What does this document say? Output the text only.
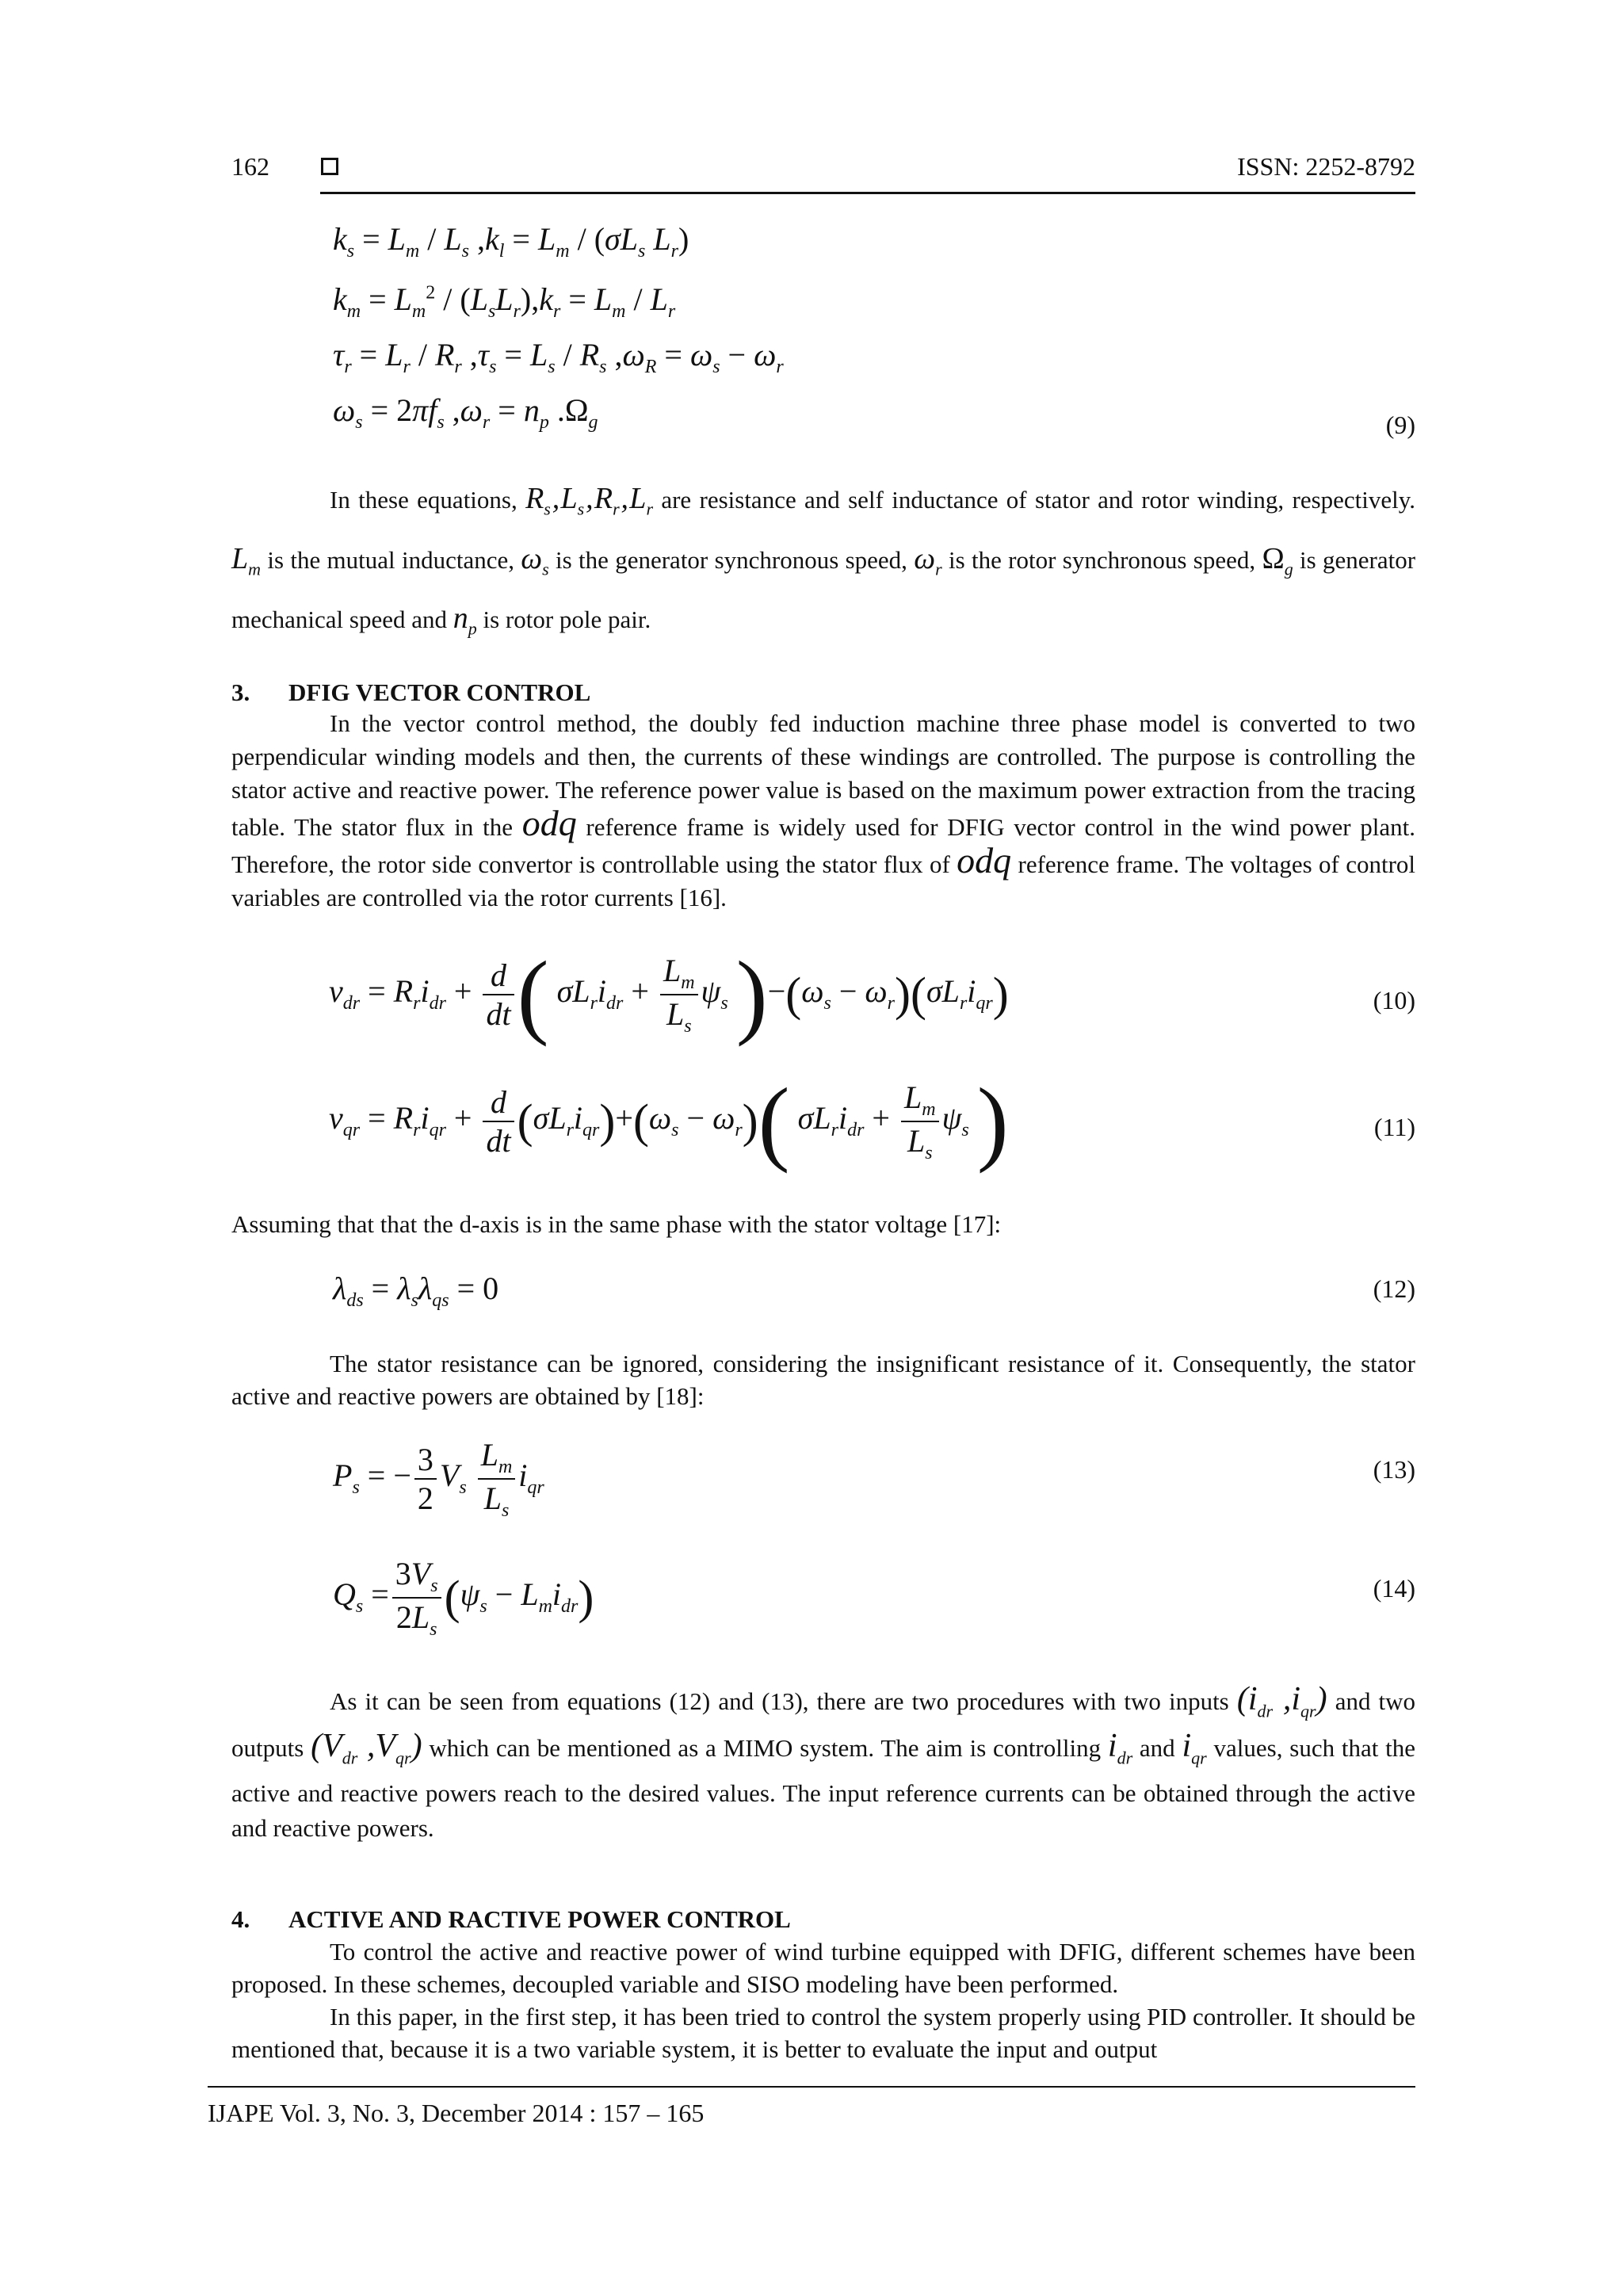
162	ISSN: 2252-8792
$k_s = L_m / L_s$ $,k_l = L_m / (\sigma L_s$ $L_r$)
$k_m = L_m^2 / (L_sL_r),k_r = L_m / L_r$
$\tau_r = L_r / R_r$ $,\tau_s = L_s / R_s$ $,\omega_R = \omega_s - \omega_r$
$\omega_s = 2\pi f_s$ $,\omega_r = n_p$ $.\Omega_g$	(9)

In these equations, $R_s‚L_s‚R_r‚L_r$ are resistance and self inductance of stator and rotor winding, respectively. $L_m$ is the mutual inductance, $\omega_s$ is the generator synchronous speed, $\omega_r$ is the rotor synchronous speed, $\Omega_g$ is generator mechanical speed and $n_p$ is rotor pole pair.

3. DFIG VECTOR CONTROL

In the vector control method, the doubly fed induction machine three phase model is converted to two perpendicular winding models and then, the currents of these windings are controlled. The purpose is controlling the stator active and reactive power. The reference power value is based on the maximum power extraction from the tracing table. The stator flux in the odq reference frame is widely used for DFIG vector control in the wind power plant. Therefore, the rotor side convertor is controllable using the stator flux of odq reference frame. The voltages of control variables are controlled via the rotor currents [16].

$v_{dr} = R_ri_{dr} + \frac{d}{dt}$ ( $\sigma L_ri_{dr} + \frac{L_m}{L_s} \psi_s$ )$-(\omega_s - \omega_r)(\sigma L_ri_{qr})$	(10)
$v_{qr} = R_ri_{qr} + \frac{d}{dt} (\sigma L_ri_{qr})+(\omega_s - \omega_r)$( $\sigma L_ri_{dr} + \frac{L_m}{L_s} \psi_s$ )	(11)

Assuming that that the d-axis is in the same phase with the stator voltage [17]:

$\lambda_{ds} = \lambda_s\lambda_{qs} = 0$	(12)

The stator resistance can be ignored, considering the insignificant resistance of it. Consequently, the stator active and reactive powers are obtained by [18]:

$P_s$ = − $\frac{3}{2} V_s \frac{L_m}{L_s} i_{qr}$
(13)
$Q_s = \frac{3V_s}{2L_s} (\psi_s - L_mi_{dr})$	(14)

As it can be seen from equations (12) and (13), there are two procedures with two inputs ($i_{dr}$ $,i_{qr}$) and two outputs ($V_{dr}$ $,V_{qr}$) which can be mentioned as a MIMO system. The aim is controlling $i_{dr}$ and $i_{qr}$ values, such that the active and reactive powers reach to the desired values. The input reference currents can be obtained through the active and reactive powers.

4. ACTIVE AND RACTIVE POWER CONTROL

To control the active and reactive power of wind turbine equipped with DFIG, different schemes have been proposed. In these schemes, decoupled variable and SISO modeling have been performed.

In this paper, in the first step, it has been tried to control the system properly using PID controller. It should be mentioned that, because it is a two variable system, it is better to evaluate the input and output

IJAPE Vol. 3, No. 3, December 2014 : 157 – 165
